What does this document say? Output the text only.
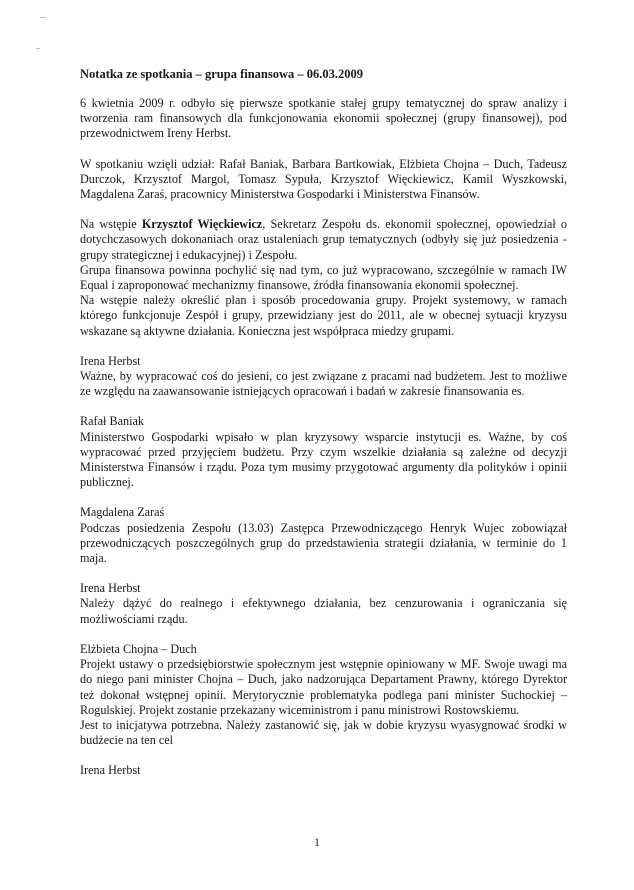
Notatka ze spotkania – grupa finansowa – 06.03.2009

6 kwietnia 2009 r. odbyło się pierwsze spotkanie stałej grupy tematycznej do spraw analizy i tworzenia ram finansowych dla funkcjonowania ekonomii społecznej (grupy finansowej), pod przewodnictwem Ireny Herbst.

W spotkaniu wzięli udział: Rafał Baniak, Barbara Bartkowiak, Elżbieta Chojna – Duch, Tadeusz Durczok, Krzysztof Margol, Tomasz Sypuła, Krzysztof Więckiewicz, Kamil Wyszkowski, Magdalena Zaraś, pracownicy Ministerstwa Gospodarki i Ministerstwa Finansów.

Na wstępie Krzysztof Więckiewicz, Sekretarz Zespołu ds. ekonomii społecznej, opowiedział o dotychczasowych dokonaniach oraz ustaleniach grup tematycznych (odbyły się już posiedzenia - grupy strategicznej i edukacyjnej) i Zespołu.

Grupa finansowa powinna pochylić się nad tym, co już wypracowano, szczególnie w ramach IW Equal i zaproponować mechanizmy finansowe, źródła finansowania ekonomii społecznej.

Na wstępie należy określić plan i sposób procedowania grupy. Projekt systemowy, w ramach którego funkcjonuje Zespół i grupy, przewidziany jest do 2011, ale w obecnej sytuacji kryzysu wskazane są aktywne działania. Konieczna jest współpraca miedzy grupami.

Irena Herbst

Ważne, by wypracować coś do jesieni, co jest związane z pracami nad budżetem. Jest to możliwe ze względu na zaawansowanie istniejących opracowań i badań w zakresie finansowania es.

Rafał Baniak

Ministerstwo Gospodarki wpisało w plan kryzysowy wsparcie instytucji es. Ważne, by coś wypracować przed przyjęciem budżetu. Przy czym wszelkie działania są zależne od decyzji Ministerstwa Finansów i rządu. Poza tym musimy przygotować argumenty dla polityków i opinii publicznej.

Magdalena Zaraś

Podczas posiedzenia Zespołu (13.03) Zastępca Przewodniczącego Henryk Wujec zobowiązał przewodniczących poszczególnych grup do przedstawienia strategii działania, w terminie do 1 maja.

Irena Herbst

Należy dążyć do realnego i efektywnego działania, bez cenzurowania i ograniczania się możliwościami rządu.

Elżbieta Chojna – Duch

Projekt ustawy o przedsiębiorstwie społecznym jest wstępnie opiniowany w MF. Swoje uwagi ma do niego pani minister Chojna – Duch, jako nadzorująca Departament Prawny, którego Dyrektor też dokonał wstępnej opinii. Merytorycznie problematyka podlega pani minister Suchockiej – Rogulskiej. Projekt zostanie przekazany wiceministrom i panu ministrowi Rostowskiemu.

Jest to inicjatywa potrzebna. Należy zastanowić się, jak w dobie kryzysu wyasygnować środki w budżecie na ten cel

Irena Herbst

1
